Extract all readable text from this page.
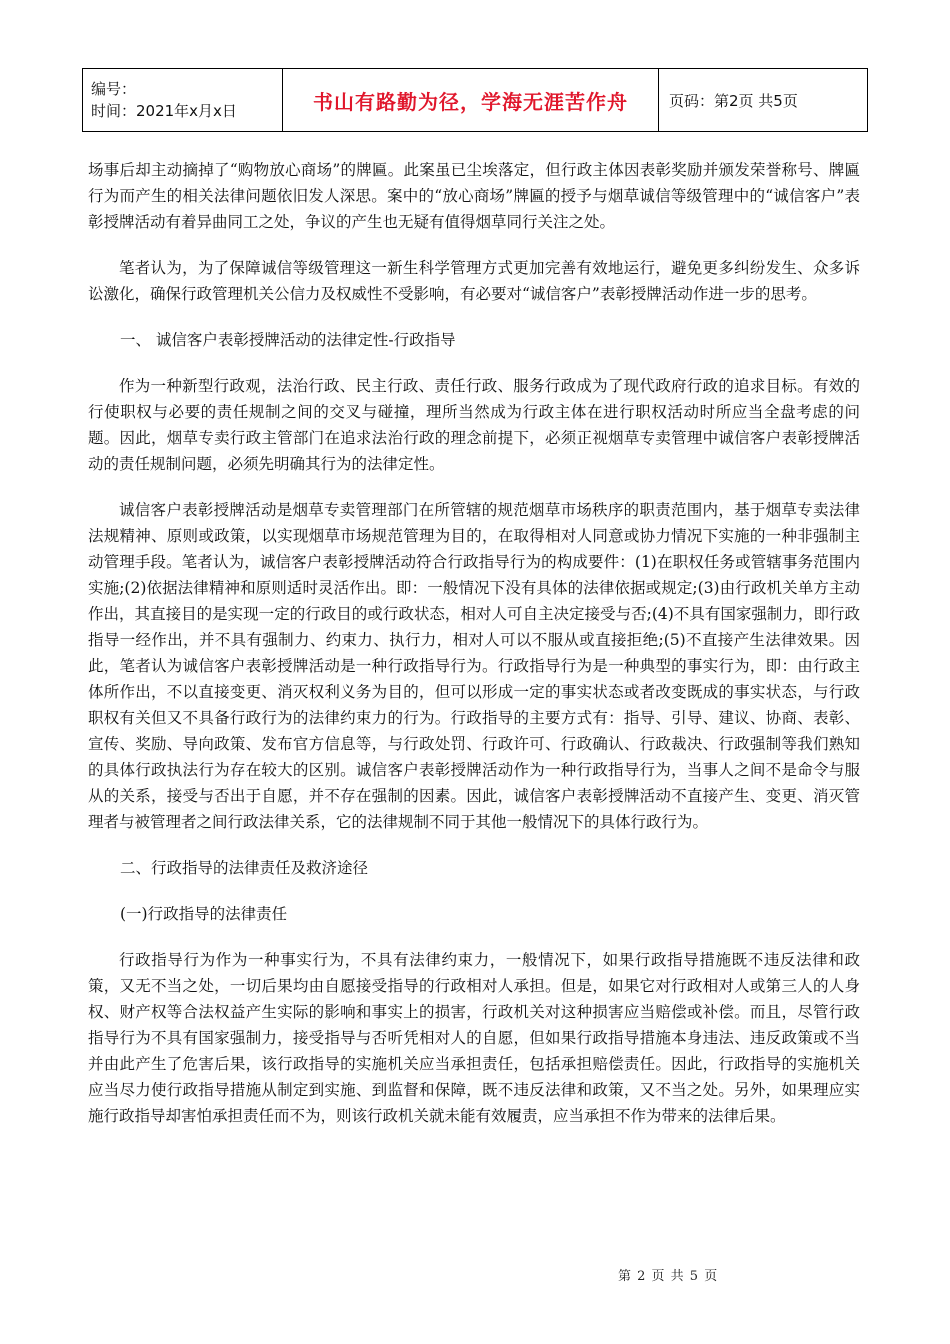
编号：
时间：2021年x月x日	书山有路勤为径，学海无涯苦作舟	页码：第2页 共5页

场事后却主动摘掉了“购物放心商场”的牌匾。此案虽已尘埃落定，但行政主体因表彰奖励并颁发荣誉称号、牌匾行为而产生的相关法律问题依旧发人深思。案中的“放心商场”牌匾的授予与烟草诚信等级管理中的“诚信客户”表彰授牌活动有着异曲同工之处，争议的产生也无疑有值得烟草同行关注之处。

笔者认为，为了保障诚信等级管理这一新生科学管理方式更加完善有效地运行，避免更多纠纷发生、众多诉讼激化，确保行政管理机关公信力及权威性不受影响，有必要对“诚信客户”表彰授牌活动作进一步的思考。

一、 诚信客户表彰授牌活动的法律定性-行政指导

作为一种新型行政观，法治行政、民主行政、责任行政、服务行政成为了现代政府行政的追求目标。有效的行使职权与必要的责任规制之间的交叉与碰撞，理所当然成为行政主体在进行职权活动时所应当全盘考虑的问题。因此，烟草专卖行政主管部门在追求法治行政的理念前提下，必须正视烟草专卖管理中诚信客户表彰授牌活动的责任规制问题，必须先明确其行为的法律定性。

诚信客户表彰授牌活动是烟草专卖管理部门在所管辖的规范烟草市场秩序的职责范围内，基于烟草专卖法律法规精神、原则或政策，以实现烟草市场规范管理为目的，在取得相对人同意或协力情况下实施的一种非强制主动管理手段。笔者认为，诚信客户表彰授牌活动符合行政指导行为的构成要件：(1)在职权任务或管辖事务范围内实施;(2)依据法律精神和原则适时灵活作出。即：一般情况下没有具体的法律依据或规定;(3)由行政机关单方主动作出，其直接目的是实现一定的行政目的或行政状态，相对人可自主决定接受与否;(4)不具有国家强制力，即行政指导一经作出，并不具有强制力、约束力、执行力，相对人可以不服从或直接拒绝;(5)不直接产生法律效果。因此，笔者认为诚信客户表彰授牌活动是一种行政指导行为。行政指导行为是一种典型的事实行为，即：由行政主体所作出，不以直接变更、消灭权利义务为目的，但可以形成一定的事实状态或者改变既成的事实状态，与行政职权有关但又不具备行政行为的法律约束力的行为。行政指导的主要方式有：指导、引导、建议、协商、表彰、宣传、奖励、导向政策、发布官方信息等，与行政处罚、行政许可、行政确认、行政裁决、行政强制等我们熟知的具体行政执法行为存在较大的区别。诚信客户表彰授牌活动作为一种行政指导行为，当事人之间不是命令与服从的关系，接受与否出于自愿，并不存在强制的因素。因此，诚信客户表彰授牌活动不直接产生、变更、消灭管理者与被管理者之间行政法律关系，它的法律规制不同于其他一般情况下的具体行政行为。

二、行政指导的法律责任及救济途径

(一)行政指导的法律责任

行政指导行为作为一种事实行为，不具有法律约束力，一般情况下，如果行政指导措施既不违反法律和政策，又无不当之处，一切后果均由自愿接受指导的行政相对人承担。但是，如果它对行政相对人或第三人的人身权、财产权等合法权益产生实际的影响和事实上的损害，行政机关对这种损害应当赔偿或补偿。而且，尽管行政指导行为不具有国家强制力，接受指导与否听凭相对人的自愿，但如果行政指导措施本身违法、违反政策或不当并由此产生了危害后果，该行政指导的实施机关应当承担责任，包括承担赔偿责任。因此，行政指导的实施机关应当尽力使行政指导措施从制定到实施、到监督和保障，既不违反法律和政策，又不当之处。另外，如果理应实施行政指导却害怕承担责任而不为，则该行政机关就未能有效履责，应当承担不作为带来的法律后果。

第 2 页 共 5 页
